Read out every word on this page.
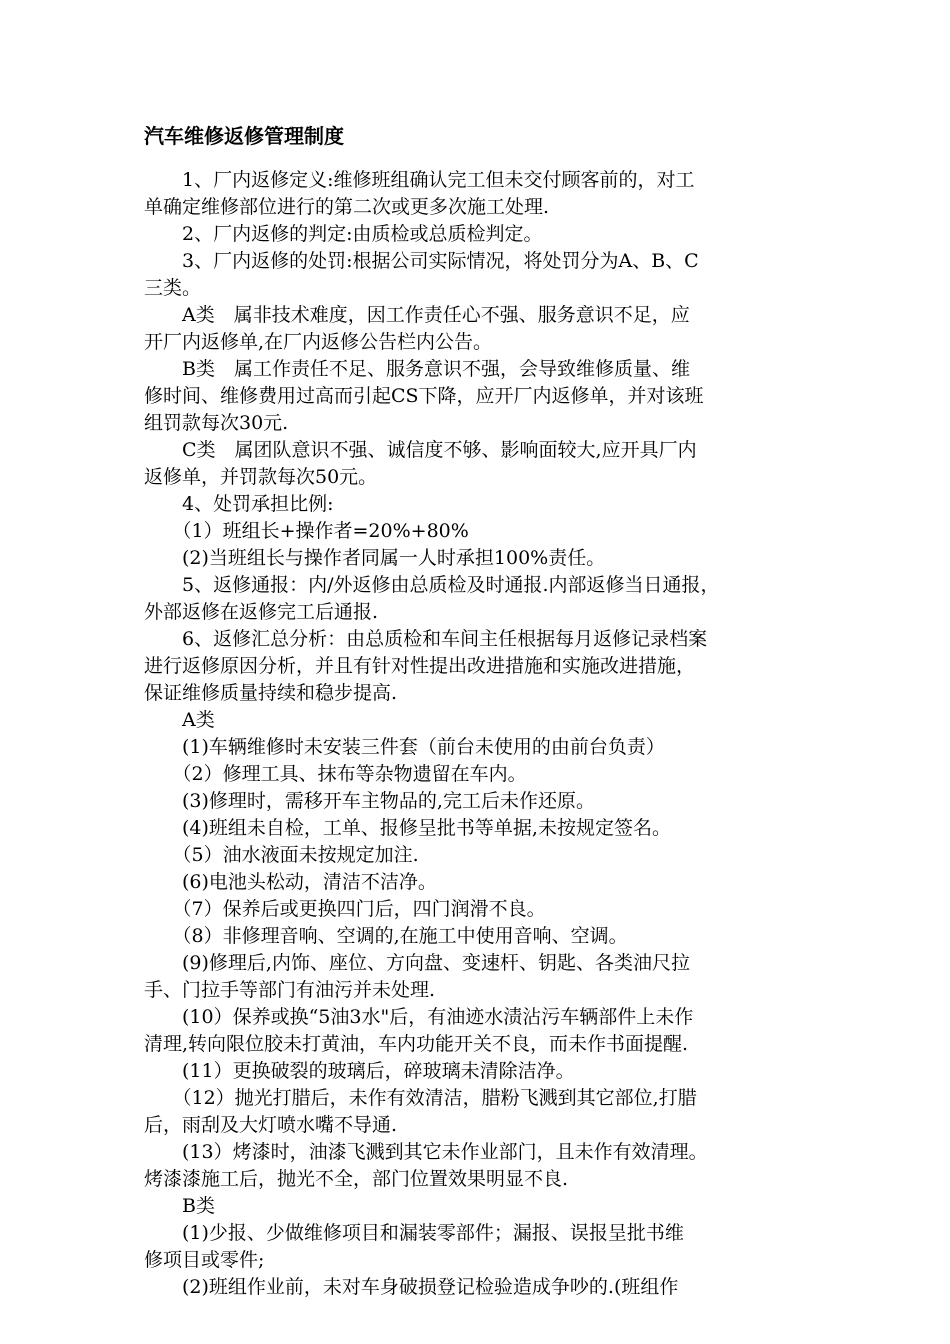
汽车维修返修管理制度

　　1、厂内返修定义:维修班组确认完工但未交付顾客前的，对工

单确定维修部位进行的第二次或更多次施工处理.

　　2、厂内返修的判定:由质检或总质检判定。

　　3、厂内返修的处罚:根据公司实际情况，将处罚分为A、B、C

三类。

　　A类　属非技术难度，因工作责任心不强、服务意识不足，应

开厂内返修单,在厂内返修公告栏内公告。

　　B类　属工作责任不足、服务意识不强，会导致维修质量、维

修时间、维修费用过高而引起CS下降，应开厂内返修单，并对该班

组罚款每次30元.

　　C类　属团队意识不强、诚信度不够、影响面较大,应开具厂内

返修单，并罚款每次50元。

　　4、处罚承担比例:

　　（1）班组长+操作者=20%+80%

　　(2)当班组长与操作者同属一人时承担100%责任。

　　5、返修通报：内/外返修由总质检及时通报.内部返修当日通报，

外部返修在返修完工后通报.

　　6、返修汇总分析：由总质检和车间主任根据每月返修记录档案

进行返修原因分析，并且有针对性提出改进措施和实施改进措施，

保证维修质量持续和稳步提高.

　　A类

　　(1)车辆维修时未安装三件套（前台未使用的由前台负责）

　　（2）修理工具、抹布等杂物遗留在车内。

　　(3)修理时，需移开车主物品的,完工后未作还原。

　　(4)班组未自检，工单、报修呈批书等单据,未按规定签名。

　　（5）油水液面未按规定加注.

　　(6)电池头松动，清洁不洁净。

　　（7）保养后或更换四门后，四门润滑不良。

　　（8）非修理音响、空调的,在施工中使用音响、空调。

　　(9)修理后,内饰、座位、方向盘、变速杆、钥匙、各类油尺拉

手、门拉手等部门有油污并未处理.

　　(10）保养或换“5油3水"后，有油迹水渍沾污车辆部件上未作

清理,转向限位胶未打黄油，车内功能开关不良，而未作书面提醒.

　　(11）更换破裂的玻璃后，碎玻璃未清除洁净。

　　（12）抛光打腊后，未作有效清洁，腊粉飞溅到其它部位,打腊

后，雨刮及大灯喷水嘴不导通.

　　(13）烤漆时，油漆飞溅到其它未作业部门，且未作有效清理。

烤漆漆施工后，抛光不全，部门位置效果明显不良.

　　B类

　　(1)少报、少做维修项目和漏装零部件；漏报、误报呈批书维

修项目或零件;

　　(2)班组作业前，未对车身破损登记检验造成争吵的.(班组作
